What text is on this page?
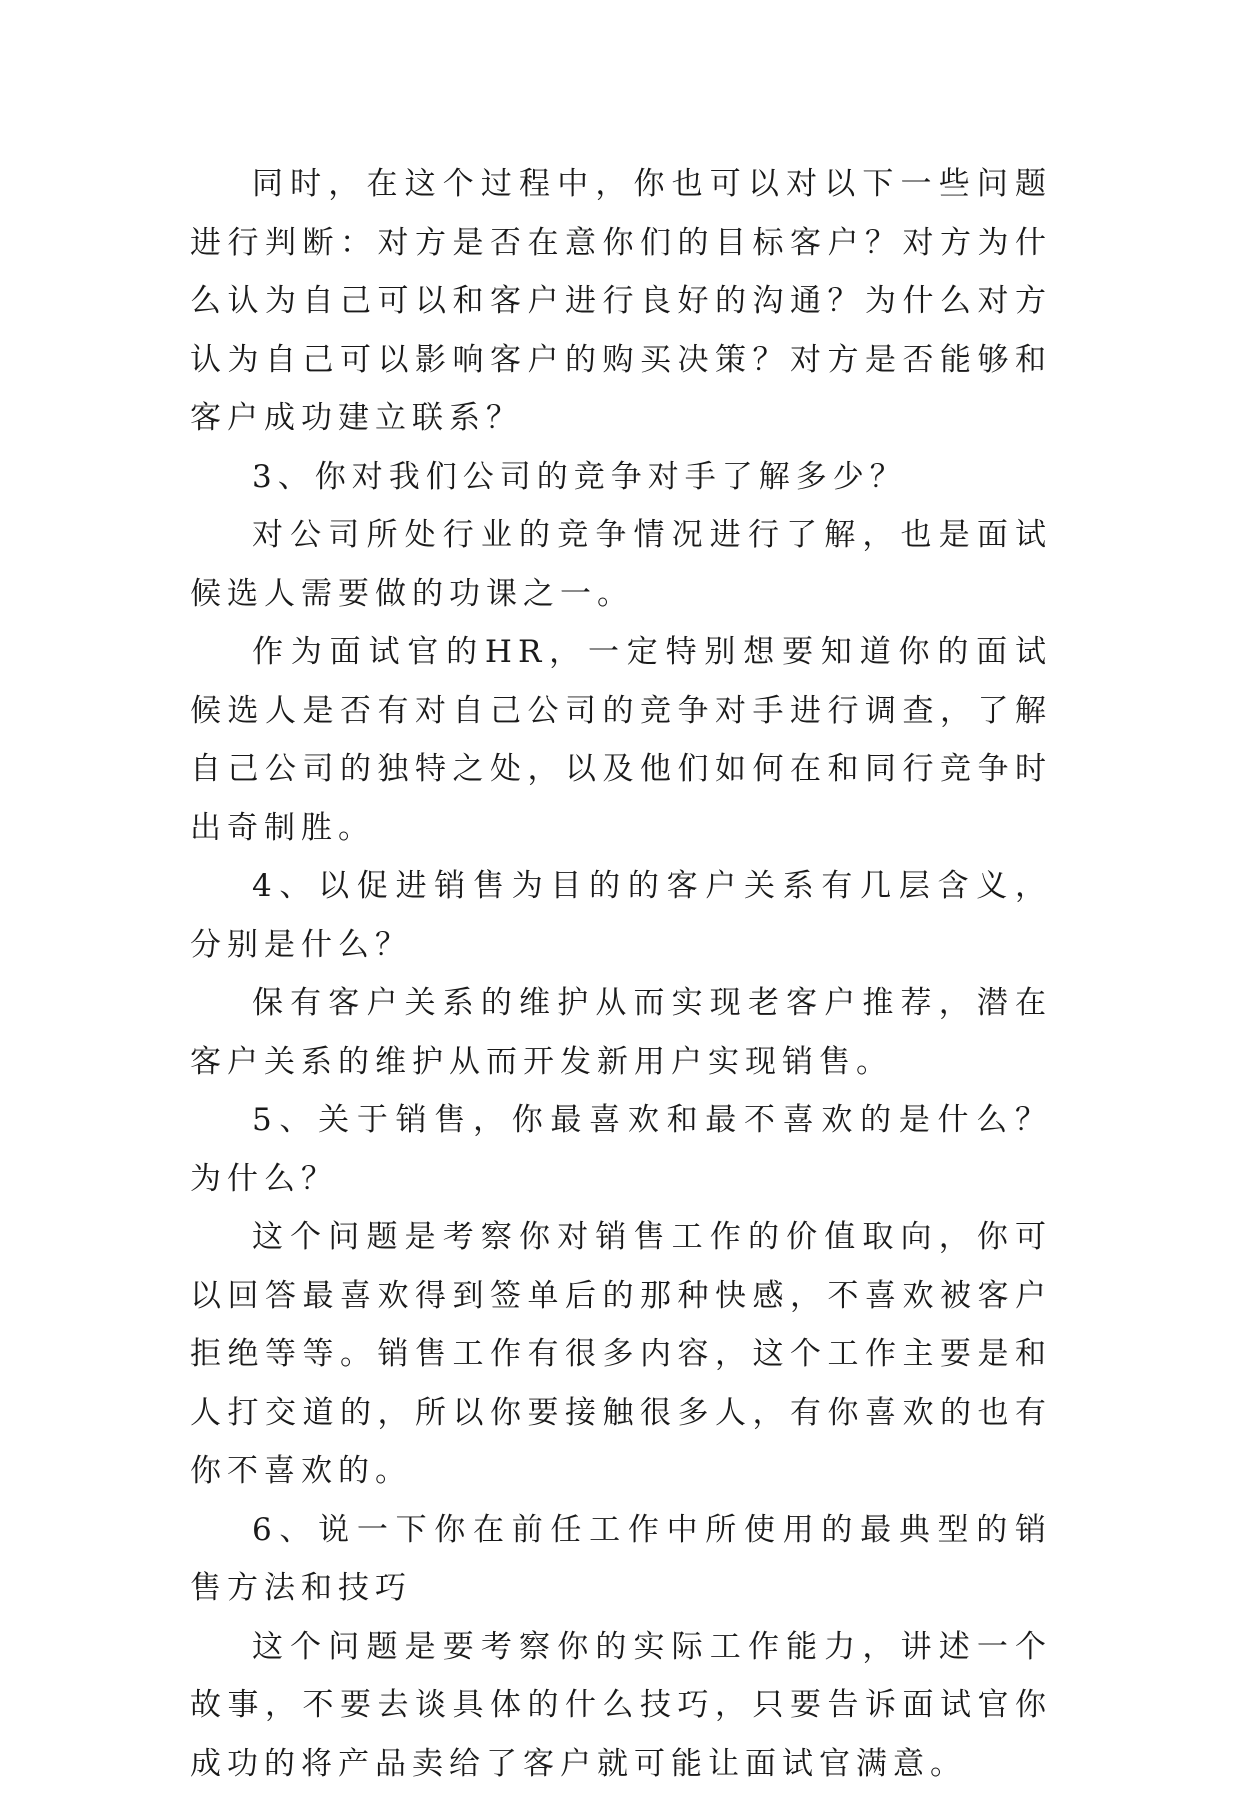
同时，在这个过程中，你也可以对以下一些问题进行判断：对方是否在意你们的目标客户？对方为什么认为自己可以和客户进行良好的沟通？为什么对方认为自己可以影响客户的购买决策？对方是否能够和客户成功建立联系？

3、你对我们公司的竞争对手了解多少？

对公司所处行业的竞争情况进行了解，也是面试候选人需要做的功课之一。

作为面试官的HR，一定特别想要知道你的面试候选人是否有对自己公司的竞争对手进行调查，了解自己公司的独特之处，以及他们如何在和同行竞争时出奇制胜。

4、以促进销售为目的的客户关系有几层含义，分别是什么？

保有客户关系的维护从而实现老客户推荐，潜在客户关系的维护从而开发新用户实现销售。

5、关于销售，你最喜欢和最不喜欢的是什么？为什么？

这个问题是考察你对销售工作的价值取向，你可以回答最喜欢得到签单后的那种快感，不喜欢被客户拒绝等等。销售工作有很多内容，这个工作主要是和人打交道的，所以你要接触很多人，有你喜欢的也有你不喜欢的。

6、说一下你在前任工作中所使用的最典型的销售方法和技巧

这个问题是要考察你的实际工作能力，讲述一个故事，不要去谈具体的什么技巧，只要告诉面试官你成功的将产品卖给了客户就可能让面试官满意。
